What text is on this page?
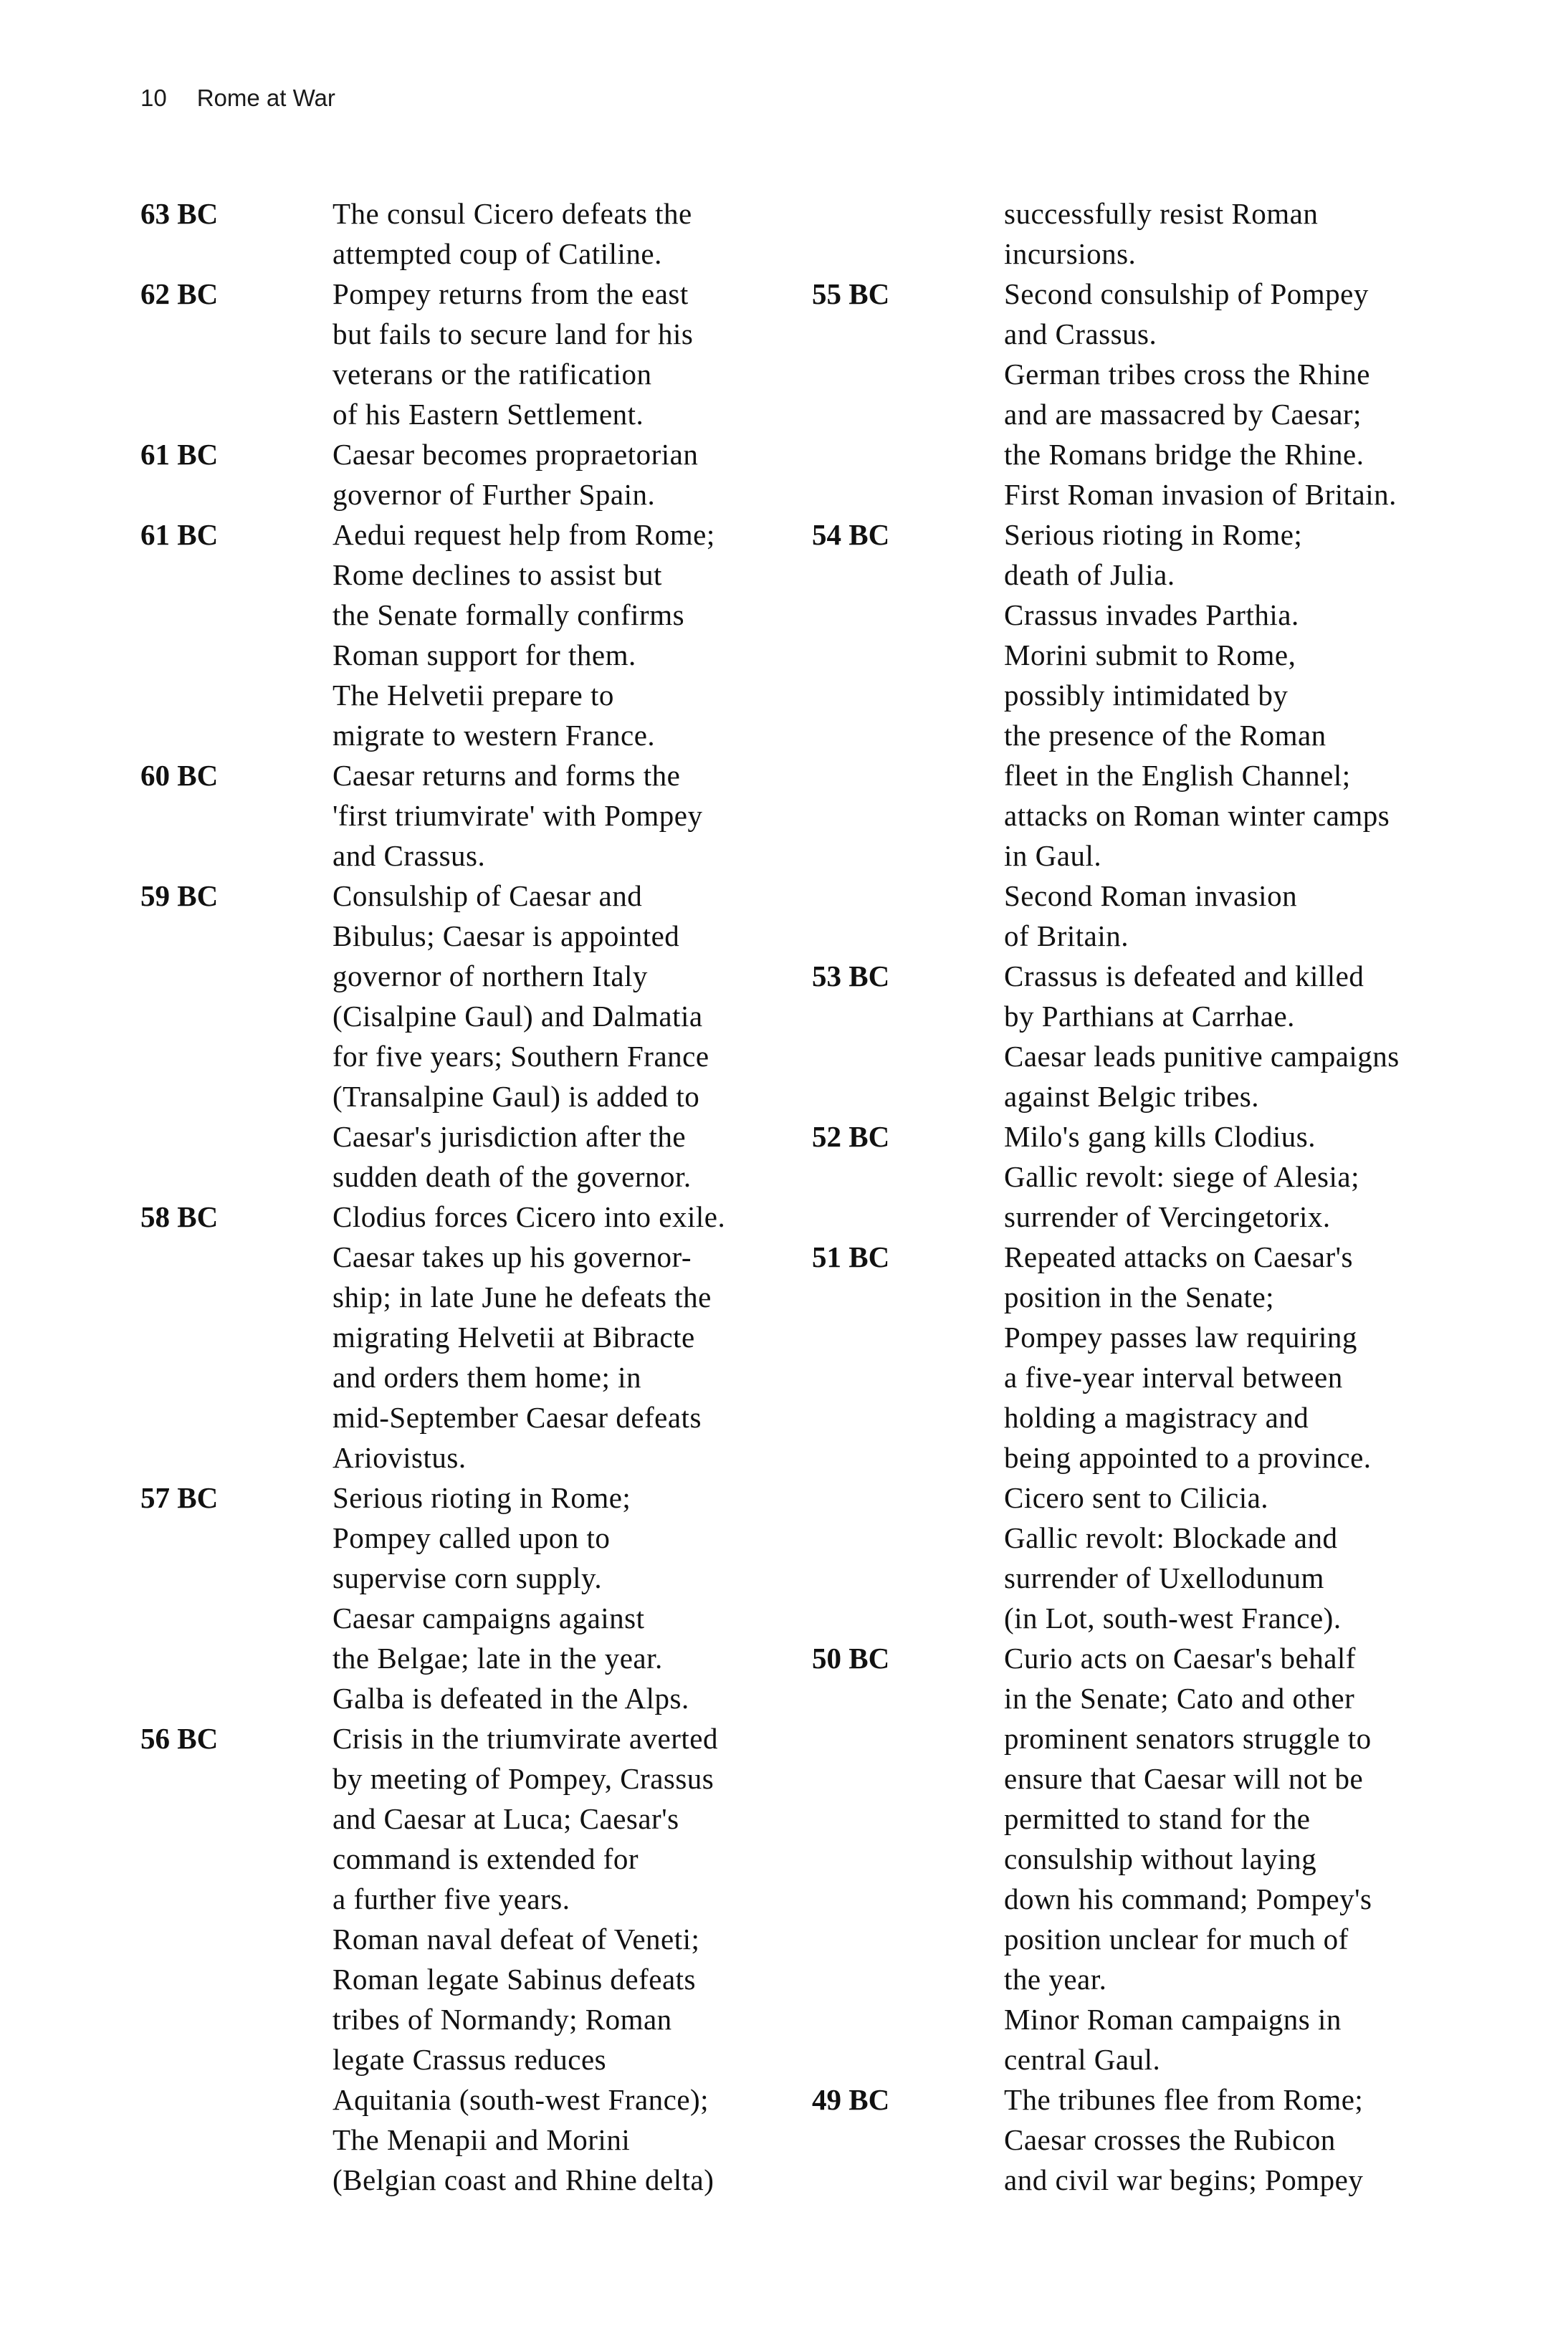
10 Rome at War
63 BC	The consul Cicero defeats the
attempted coup of Catiline.
62 BC	Pompey returns from the east
but fails to secure land for his
veterans or the ratification
of his Eastern Settlement.
61 BC	Caesar becomes propraetorian
governor of Further Spain.
61 BC	Aedui request help from Rome;
Rome declines to assist but
the Senate formally confirms
Roman support for them.
The Helvetii prepare to
migrate to western France.
60 BC	Caesar returns and forms the
'first triumvirate' with Pompey
and Crassus.
59 BC	Consulship of Caesar and
Bibulus; Caesar is appointed
governor of northern Italy
(Cisalpine Gaul) and Dalmatia
for five years; Southern France
(Transalpine Gaul) is added to
Caesar's jurisdiction after the
sudden death of the governor.
58 BC	Clodius forces Cicero into exile.
Caesar takes up his governor-
ship; in late June he defeats the
migrating Helvetii at Bibracte
and orders them home; in
mid-September Caesar defeats
Ariovistus.
57 BC	Serious rioting in Rome;
Pompey called upon to
supervise corn supply.
Caesar campaigns against
the Belgae; late in the year.
Galba is defeated in the Alps.
56 BC	Crisis in the triumvirate averted
by meeting of Pompey, Crassus
and Caesar at Luca; Caesar's
command is extended for
a further five years.
Roman naval defeat of Veneti;
Roman legate Sabinus defeats
tribes of Normandy; Roman
legate Crassus reduces
Aquitania (south-west France);
The Menapii and Morini
(Belgian coast and Rhine delta)
successfully resist Roman
incursions.
55 BC	Second consulship of Pompey
and Crassus.
German tribes cross the Rhine
and are massacred by Caesar;
the Romans bridge the Rhine.
First Roman invasion of Britain.
54 BC	Serious rioting in Rome;
death of Julia.
Crassus invades Parthia.
Morini submit to Rome,
possibly intimidated by
the presence of the Roman
fleet in the English Channel;
attacks on Roman winter camps
in Gaul.
Second Roman invasion
of Britain.
53 BC	Crassus is defeated and killed
by Parthians at Carrhae.
Caesar leads punitive campaigns
against Belgic tribes.
52 BC	Milo's gang kills Clodius.
Gallic revolt: siege of Alesia;
surrender of Vercingetorix.
51 BC	Repeated attacks on Caesar's
position in the Senate;
Pompey passes law requiring
a five-year interval between
holding a magistracy and
being appointed to a province.
Cicero sent to Cilicia.
Gallic revolt: Blockade and
surrender of Uxellodunum
(in Lot, south-west France).
50 BC	Curio acts on Caesar's behalf
in the Senate; Cato and other
prominent senators struggle to
ensure that Caesar will not be
permitted to stand for the
consulship without laying
down his command; Pompey's
position unclear for much of
the year.
Minor Roman campaigns in
central Gaul.
49 BC	The tribunes flee from Rome;
Caesar crosses the Rubicon
and civil war begins; Pompey
